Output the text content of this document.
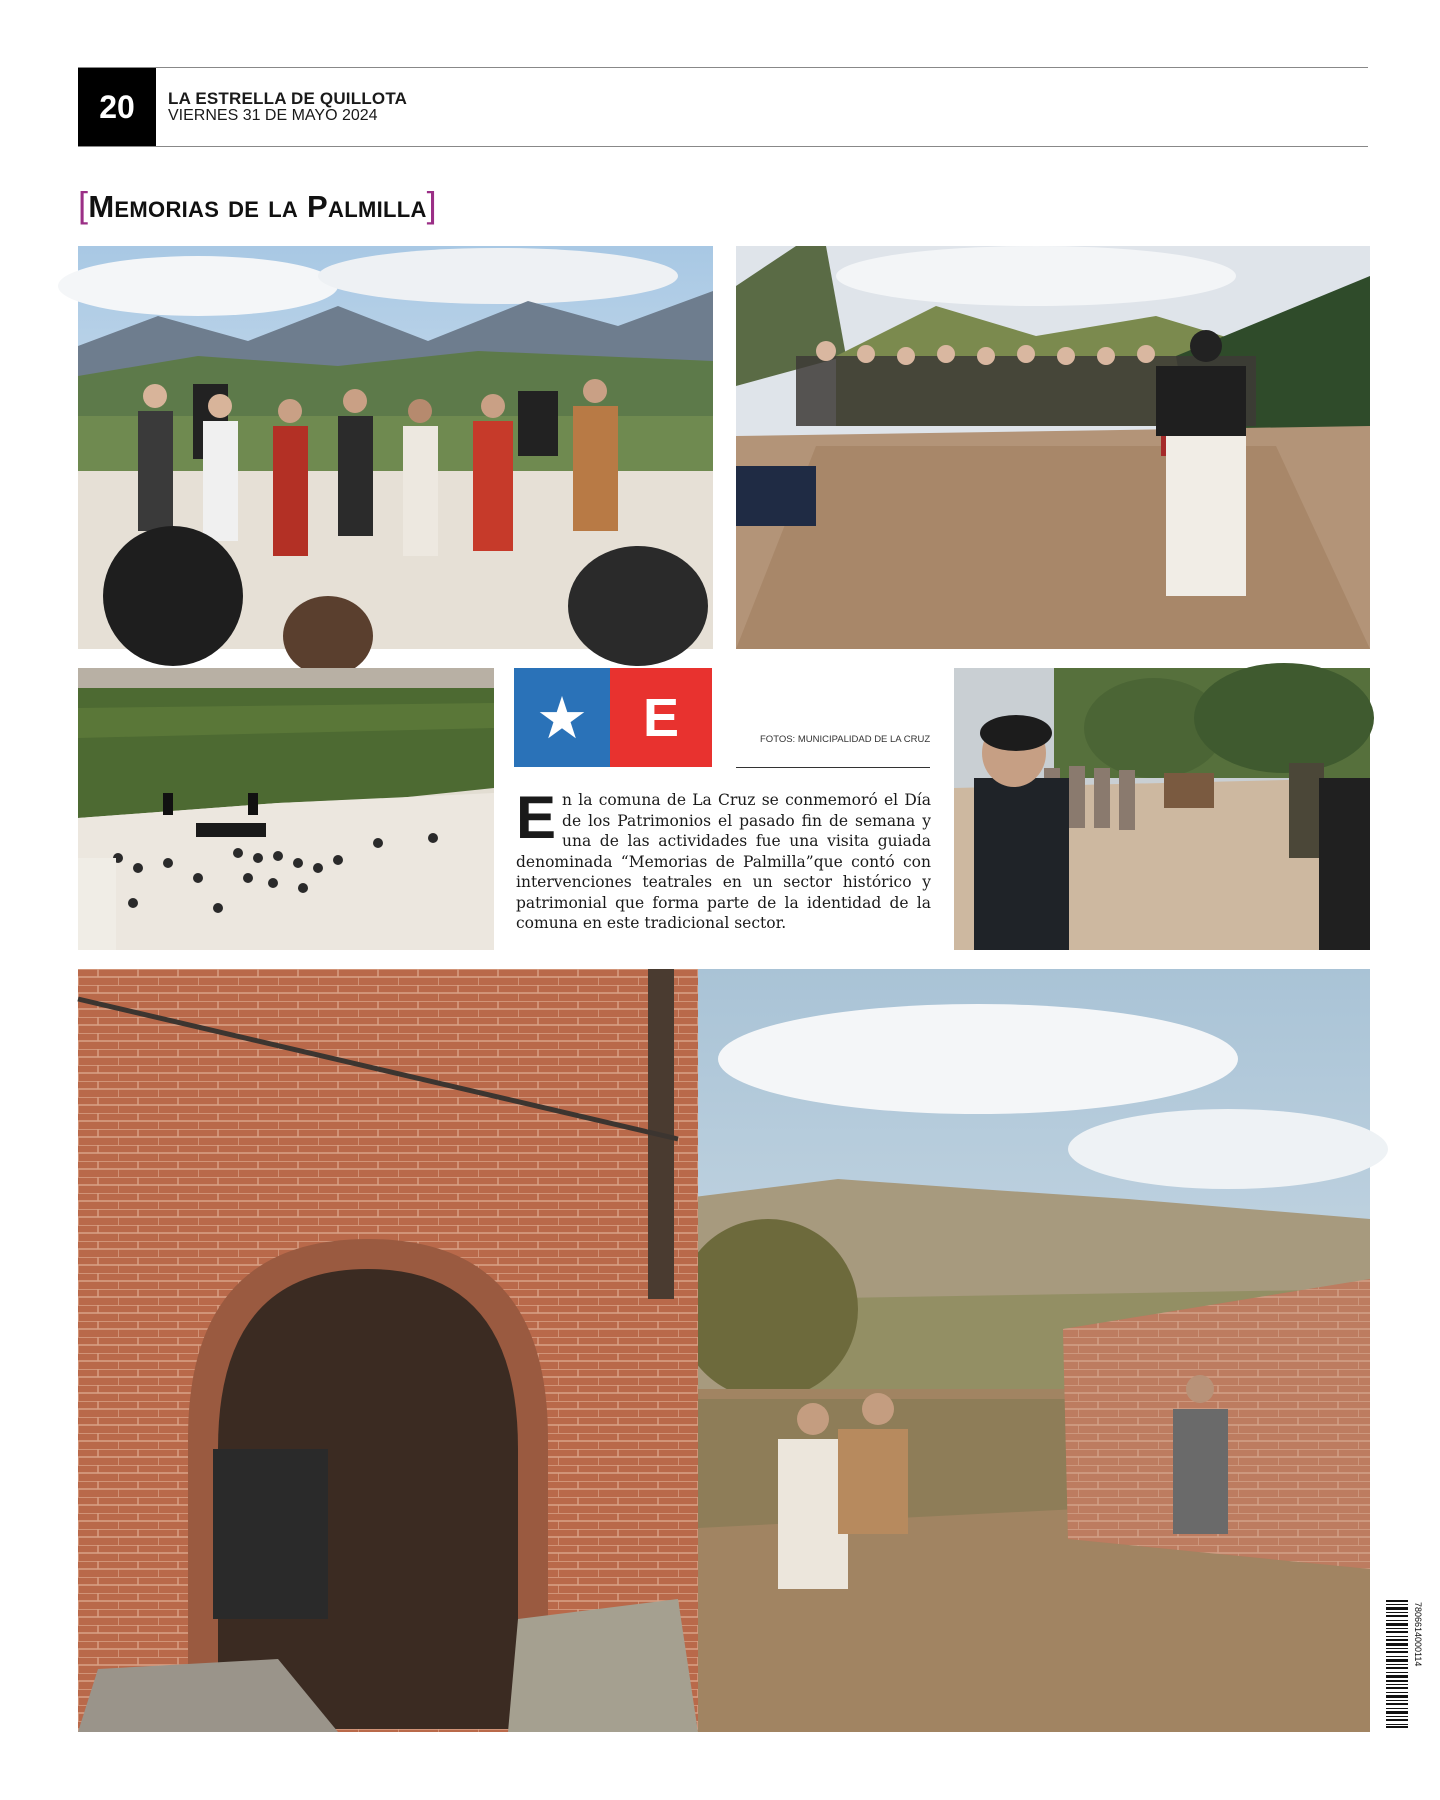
20	LA ESTRELLA DE QUILLOTA
VIERNES 31 DE MAYO 2024
[Memorias de la Palmilla]
★	E	FOTOS: MUNICIPALIDAD DE LA CRUZ
En la comuna de La Cruz se conmemoró el Día de los Patrimonios el pasado fin de semana y una de las actividades fue una visita guiada denominada “Memorias de Palmilla”que contó con intervenciones teatrales en un sector histórico y patrimonial que forma parte de la identidad de la comuna en este tradicional sector.
7806614000114
